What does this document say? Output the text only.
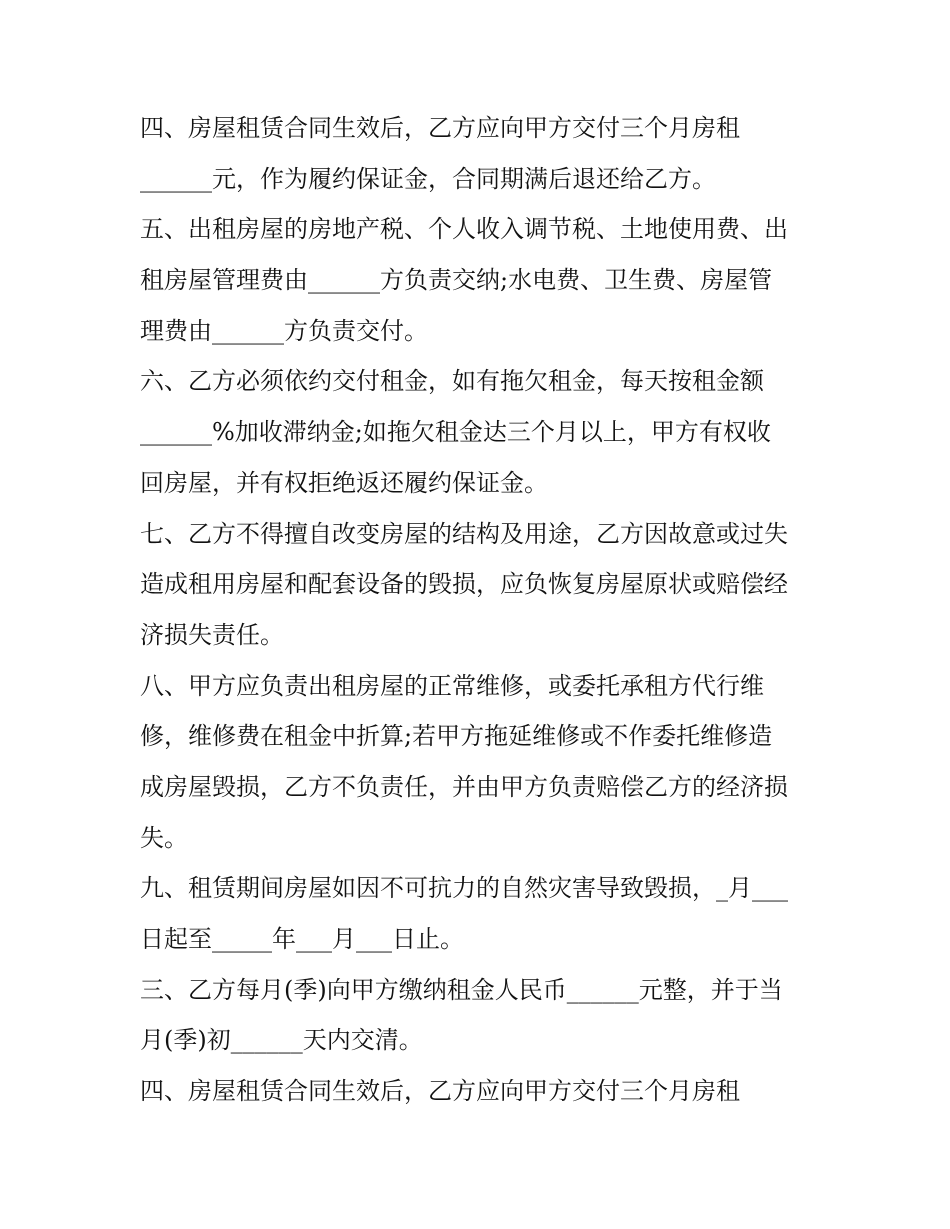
四、房屋租赁合同生效后，乙方应向甲方交付三个月房租
______元，作为履约保证金，合同期满后退还给乙方。
五、出租房屋的房地产税、个人收入调节税、土地使用费、出
租房屋管理费由______方负责交纳;水电费、卫生费、房屋管
理费由______方负责交付。
六、乙方必须依约交付租金，如有拖欠租金，每天按租金额
______%加收滞纳金;如拖欠租金达三个月以上，甲方有权收
回房屋，并有权拒绝返还履约保证金。
七、乙方不得擅自改变房屋的结构及用途，乙方因故意或过失
造成租用房屋和配套设备的毁损，应负恢复房屋原状或赔偿经
济损失责任。
八、甲方应负责出租房屋的正常维修，或委托承租方代行维
修，维修费在租金中折算;若甲方拖延维修或不作委托维修造
成房屋毁损，乙方不负责任，并由甲方负责赔偿乙方的经济损
失。
九、租赁期间房屋如因不可抗力的自然灾害导致毁损，_月___
日起至_____年___月___日止。
三、乙方每月(季)向甲方缴纳租金人民币______元整，并于当
月(季)初______天内交清。
四、房屋租赁合同生效后，乙方应向甲方交付三个月房租
